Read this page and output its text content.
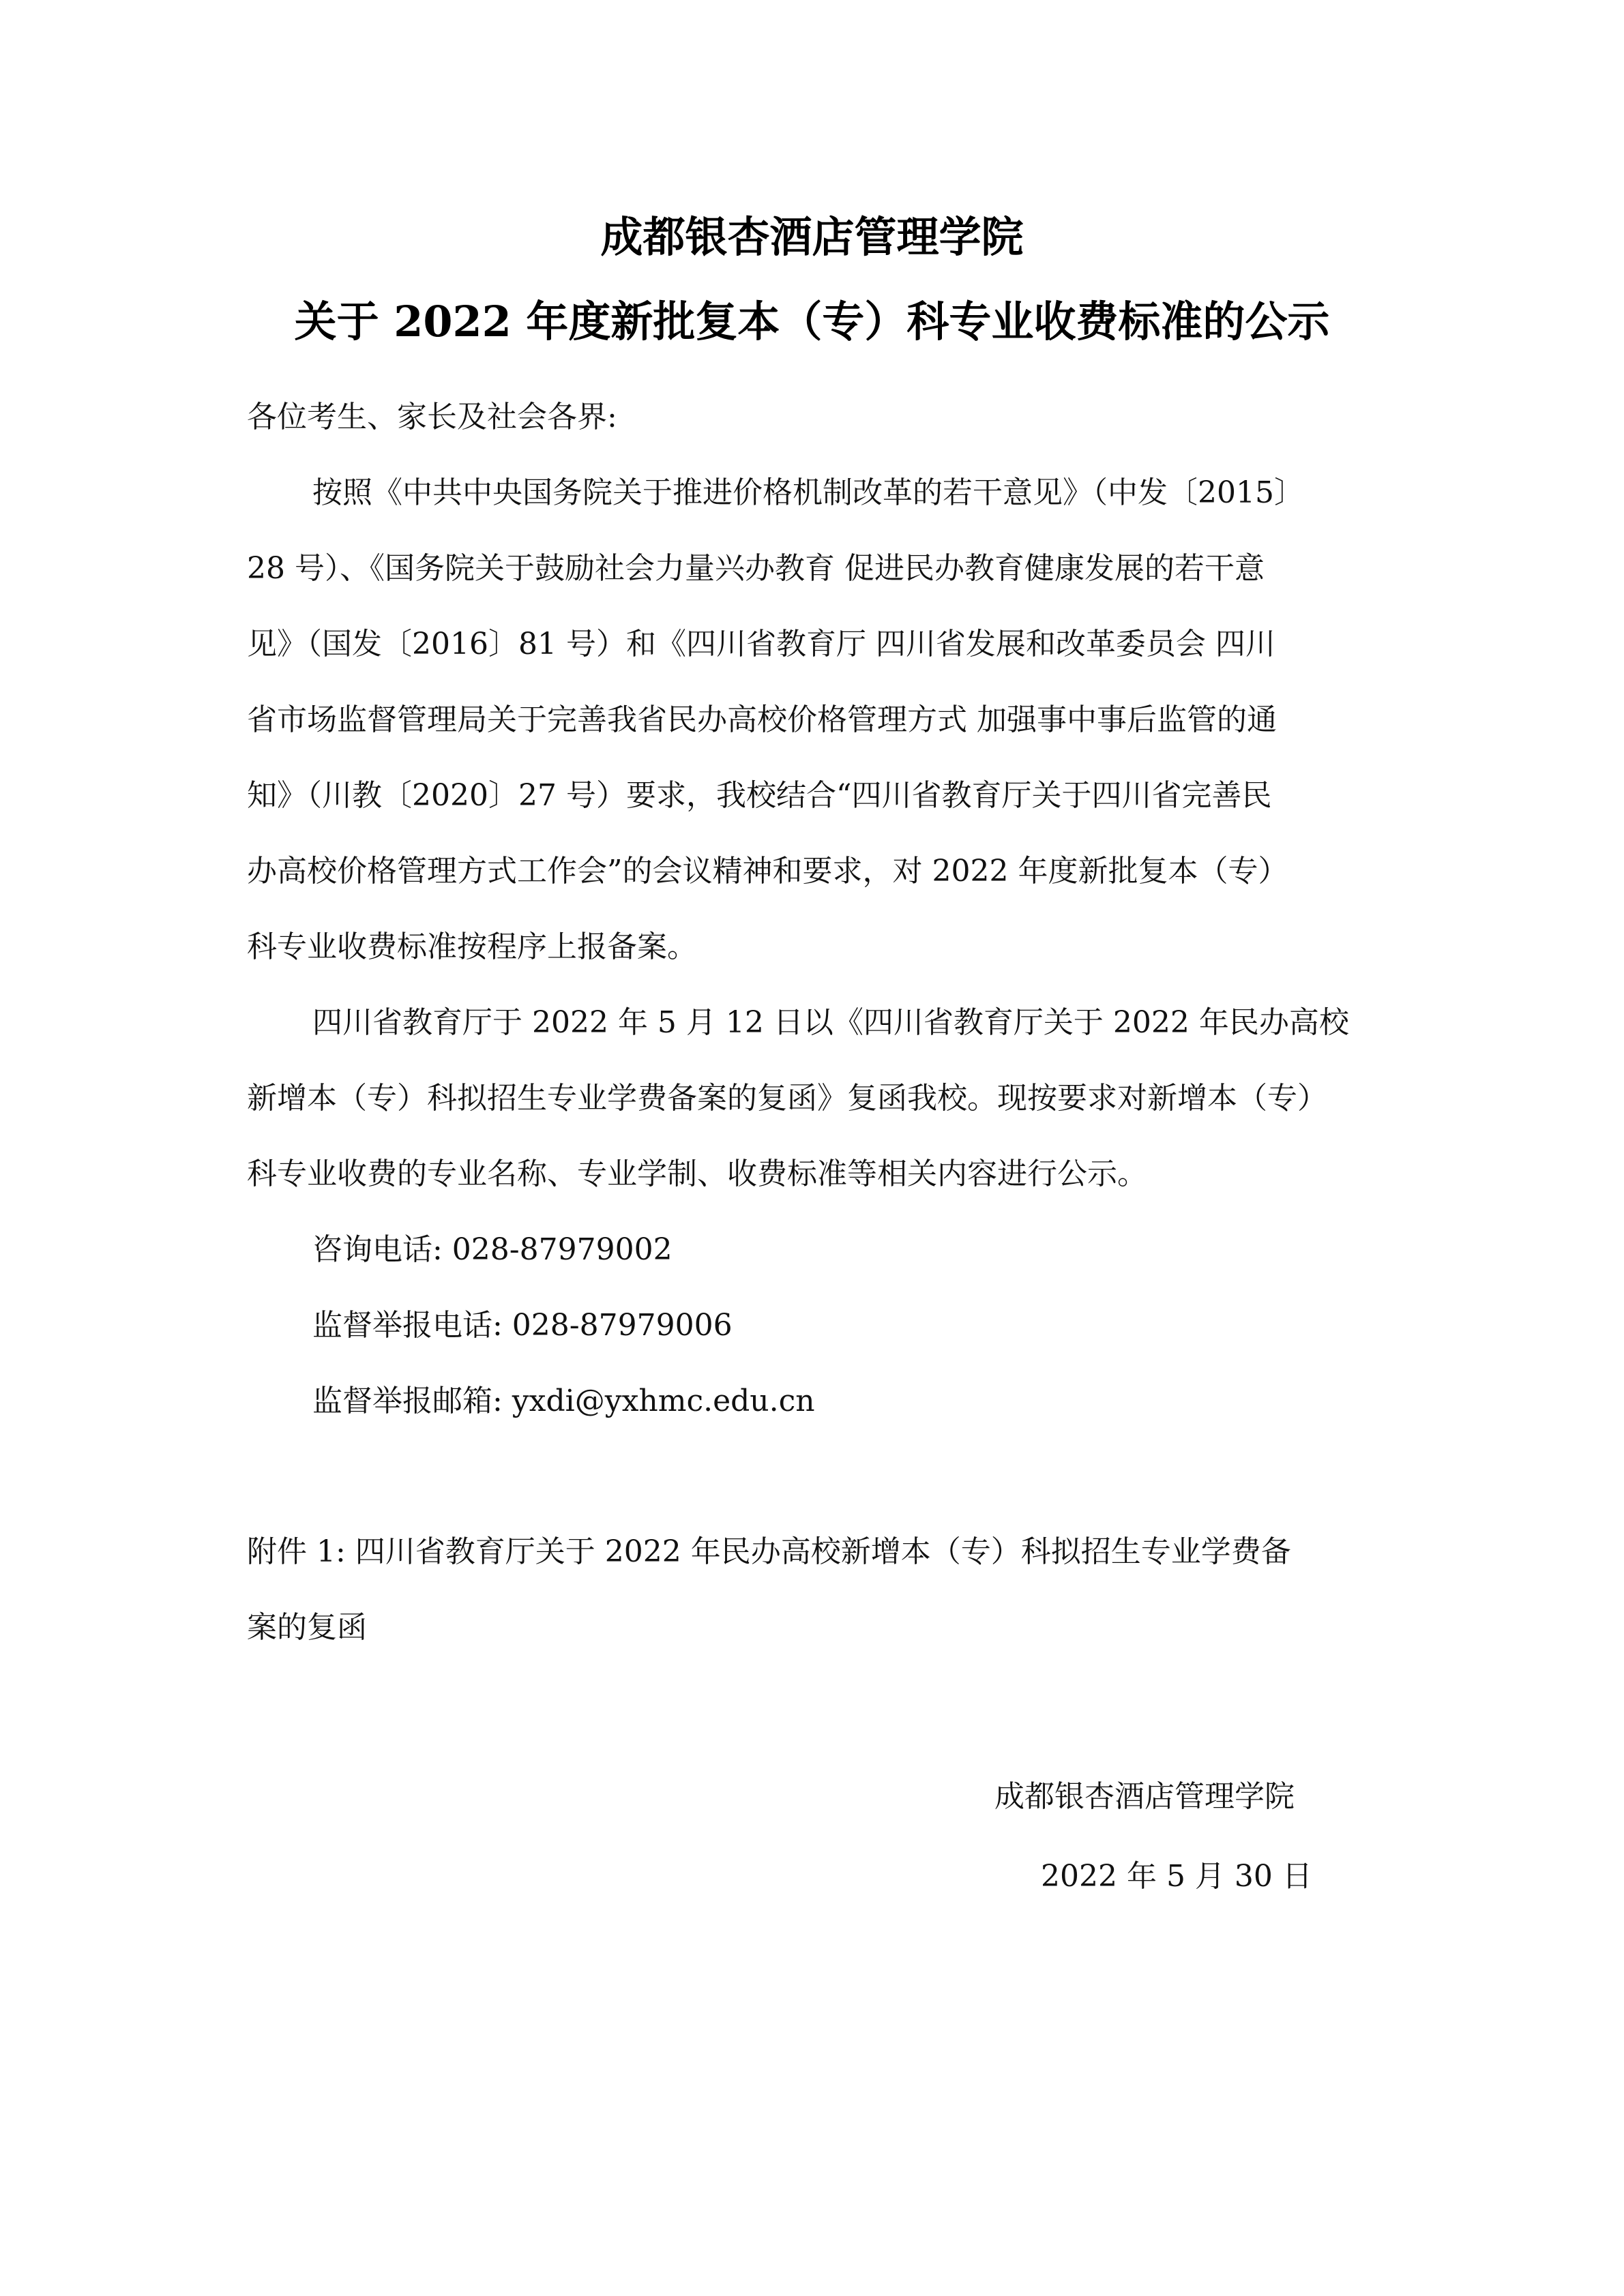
成都银杏酒店管理学院
关于 2022 年度新批复本（专）科专业收费标准的公示
各位考生、家长及社会各界:
按照《中共中央国务院关于推进价格机制改革的若干意见》（中发〔2015〕
28 号）、《国务院关于鼓励社会力量兴办教育 促进民办教育健康发展的若干意
见》（国发〔2016〕81 号）和《四川省教育厅 四川省发展和改革委员会 四川
省市场监督管理局关于完善我省民办高校价格管理方式 加强事中事后监管的通
知》（川教〔2020〕27 号）要求，我校结合“四川省教育厅关于四川省完善民
办高校价格管理方式工作会”的会议精神和要求，对 2022 年度新批复本（专）
科专业收费标准按程序上报备案。
四川省教育厅于 2022 年 5 月 12 日以《四川省教育厅关于 2022 年民办高校
新增本（专）科拟招生专业学费备案的复函》复函我校。现按要求对新增本（专）
科专业收费的专业名称、专业学制、收费标准等相关内容进行公示。
咨询电话: 028-87979002
监督举报电话: 028-87979006
监督举报邮箱: yxdi@yxhmc.edu.cn
附件 1: 四川省教育厅关于 2022 年民办高校新增本（专）科拟招生专业学费备
案的复函
成都银杏酒店管理学院
2022 年 5 月 30 日
